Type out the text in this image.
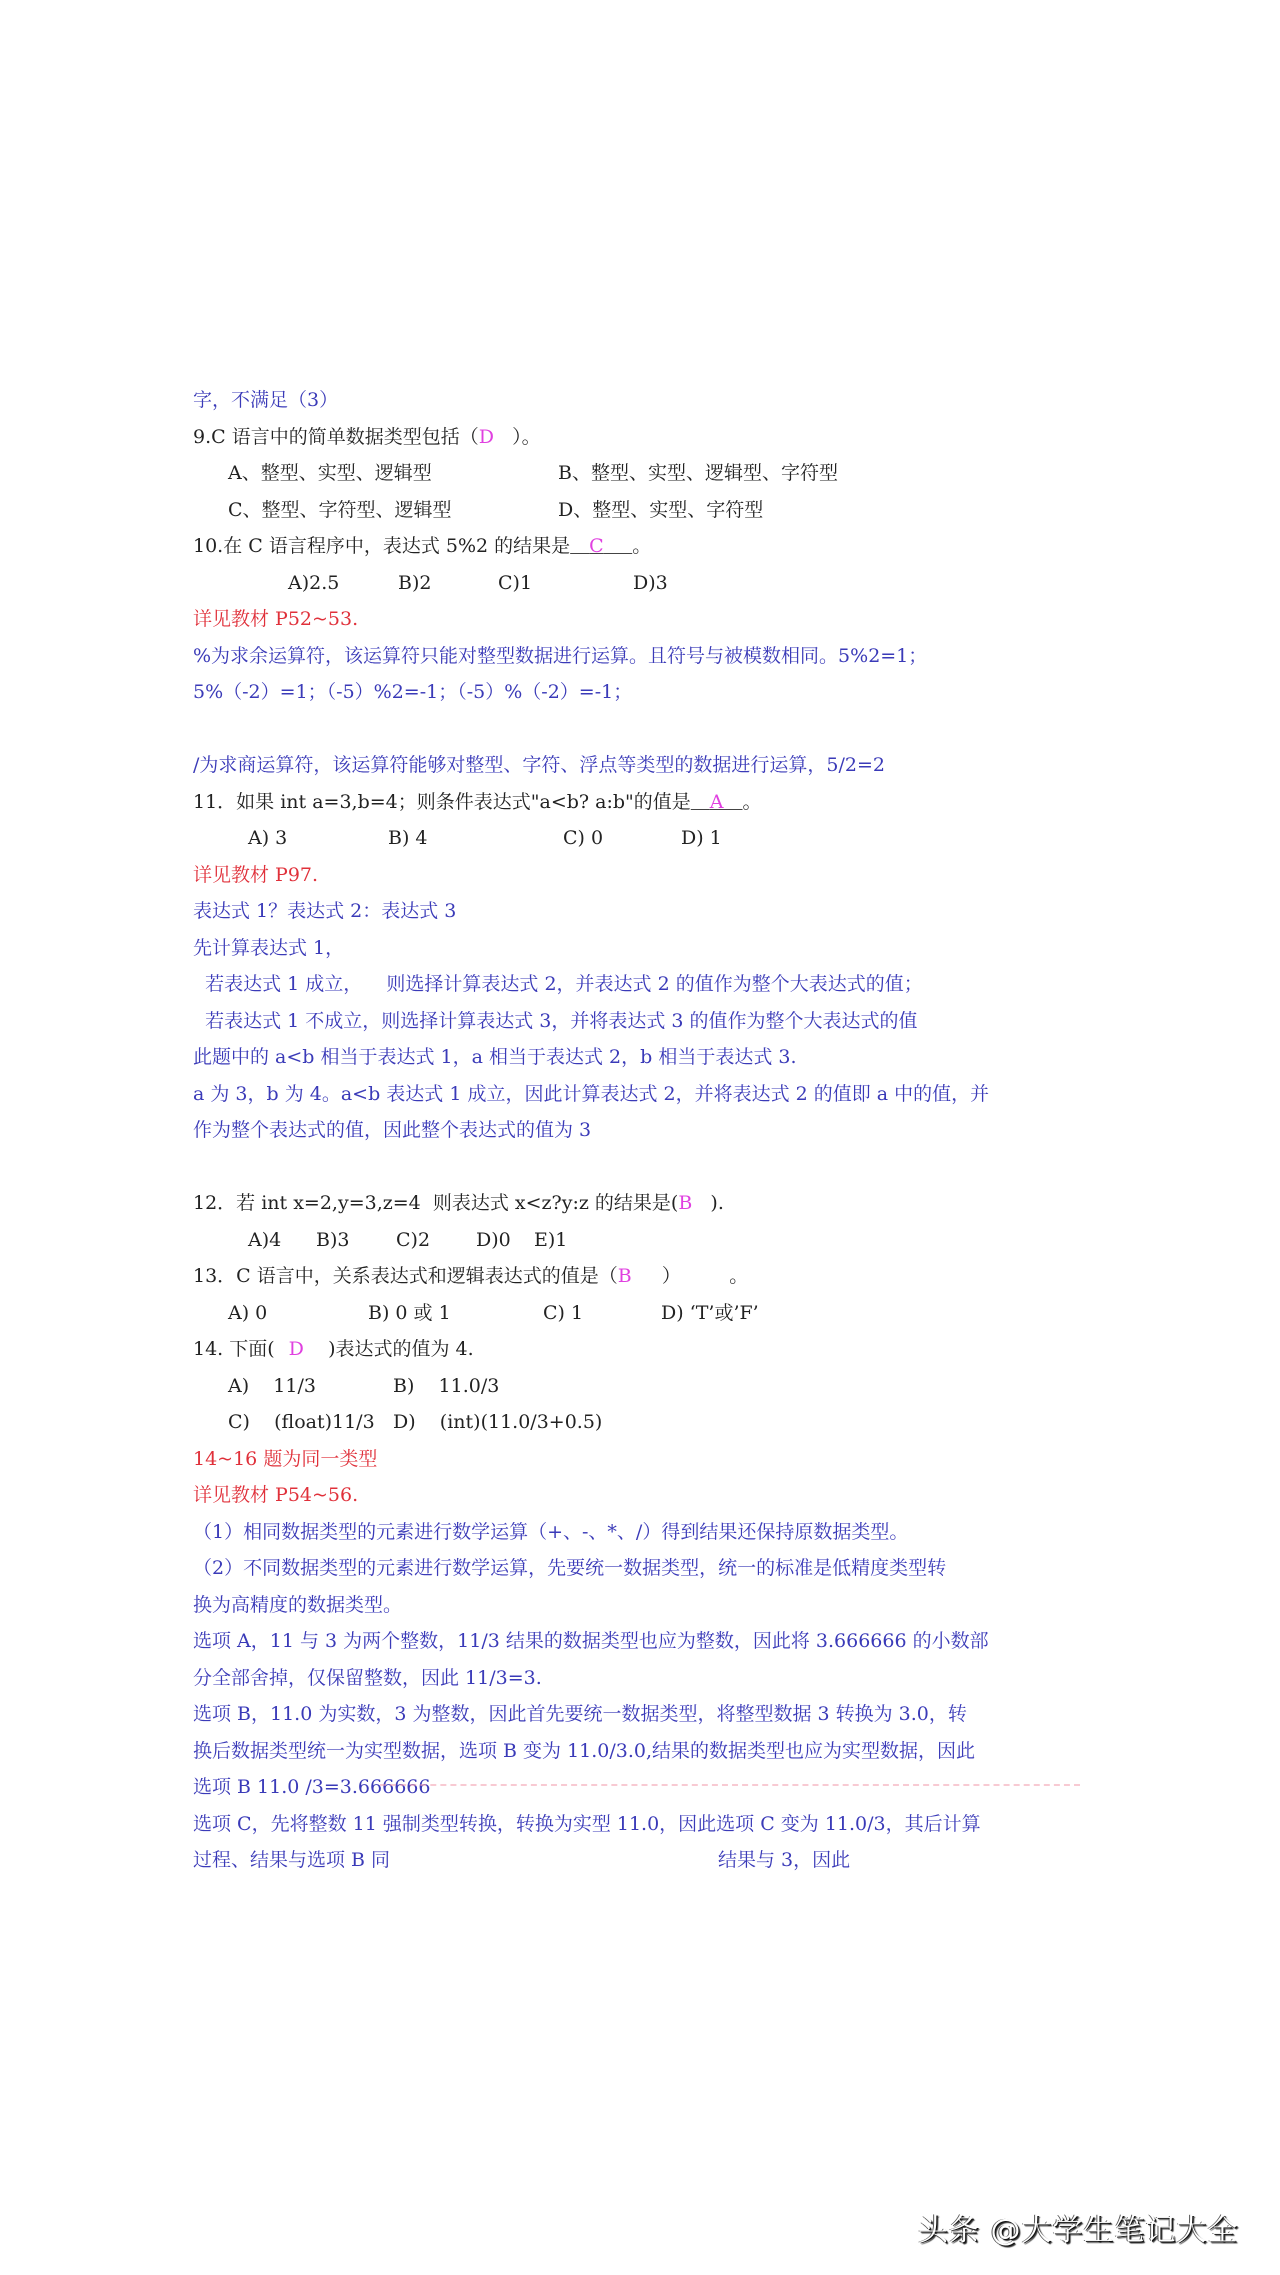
字，不满足（3）
9.C 语言中的简单数据类型包括（D   ）。
A、整型、实型、逻辑型	B、整型、实型、逻辑型、字符型
C、整型、字符型、逻辑型	D、整型、实型、字符型
10.在 C 语言程序中，表达式 5%2 的结果是 C 。
A)2.5	B)2	C)1	D)3
详见教材 P52~53.
%为求余运算符，该运算符只能对整型数据进行运算。且符号与被模数相同。5%2=1；
5%（-2）=1；（-5）%2=-1；（-5）%（-2）=-1；
/为求商运算符，该运算符能够对整型、字符、浮点等类型的数据进行运算，5/2=2
11．如果 int a=3,b=4；则条件表达式"a<b? a:b"的值是 A 。
A) 3	B) 4	C) 0	D) 1
详见教材 P97.
表达式 1？表达式 2：表达式 3
先计算表达式 1，
若表达式 1 成立，    则选择计算表达式 2，并表达式 2 的值作为整个大表达式的值；
若表达式 1 不成立，则选择计算表达式 3，并将表达式 3 的值作为整个大表达式的值
此题中的 a<b 相当于表达式 1，a 相当于表达式 2，b 相当于表达式 3.
a 为 3，b 为 4。a<b 表达式 1 成立，因此计算表达式 2，并将表达式 2 的值即 a 中的值，并
作为整个表达式的值，因此整个表达式的值为 3
12．若 int x=2,y=3,z=4  则表达式 x<z?y:z 的结果是(B   ).
A)4	B)3	C)2	D)0	E)1
13．C 语言中，关系表达式和逻辑表达式的值是（B     ）        。
A) 0	B) 0 或 1	C) 1	D) ‘T’或’F’
14. 下面( D    )表达式的值为 4.
A)    11/3	B)    11.0/3
C)    (float)11/3 D)    (int)(11.0/3+0.5)
14~16 题为同一类型
详见教材 P54~56.
（1）相同数据类型的元素进行数学运算（+、-、*、/）得到结果还保持原数据类型。
（2）不同数据类型的元素进行数学运算，先要统一数据类型，统一的标准是低精度类型转
换为高精度的数据类型。
选项 A，11 与 3 为两个整数，11/3 结果的数据类型也应为整数，因此将 3.666666 的小数部
分全部舍掉，仅保留整数，因此 11/3=3.
选项 B，11.0 为实数，3 为整数，因此首先要统一数据类型，将整型数据 3 转换为 3.0，转
换后数据类型统一为实型数据，选项 B 变为 11.0/3.0,结果的数据类型也应为实型数据，因此
选项 B 11.0 /3=3.666666
选项 C，先将整数 11 强制类型转换，转换为实型 11.0，因此选项 C 变为 11.0/3，其后计算
过程、结果与选项 B 同	结果与 3，因此
头条 @大学生笔记大全
